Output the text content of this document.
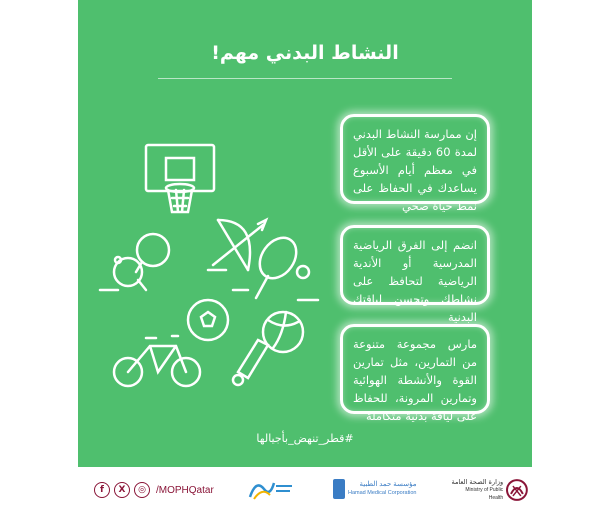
النشاط البدني مهم!
إن ممارسة النشاط البدني لمدة 60 دقيقة على الأقل في معظم أيام الأسبوع يساعدك في الحفاظ على نمط حياة صحي
انضم إلى الفرق الرياضية المدرسية أو الأندية الرياضية لتحافظ على نشاطك وتحسن لياقتك البدنية
مارس مجموعة متنوعة من التمارين، مثل تمارين القوة والأنشطة الهوائية وتمارين المرونة، للحفاظ على لياقة بدنية متكاملة
#قطر_تنهض_بأجيالها
f	X	◎	/MOPHQatar	مؤسسة حمد الطبية
Hamad Medical Corporation
وزارة الصحة العامة
Ministry of Public Health
